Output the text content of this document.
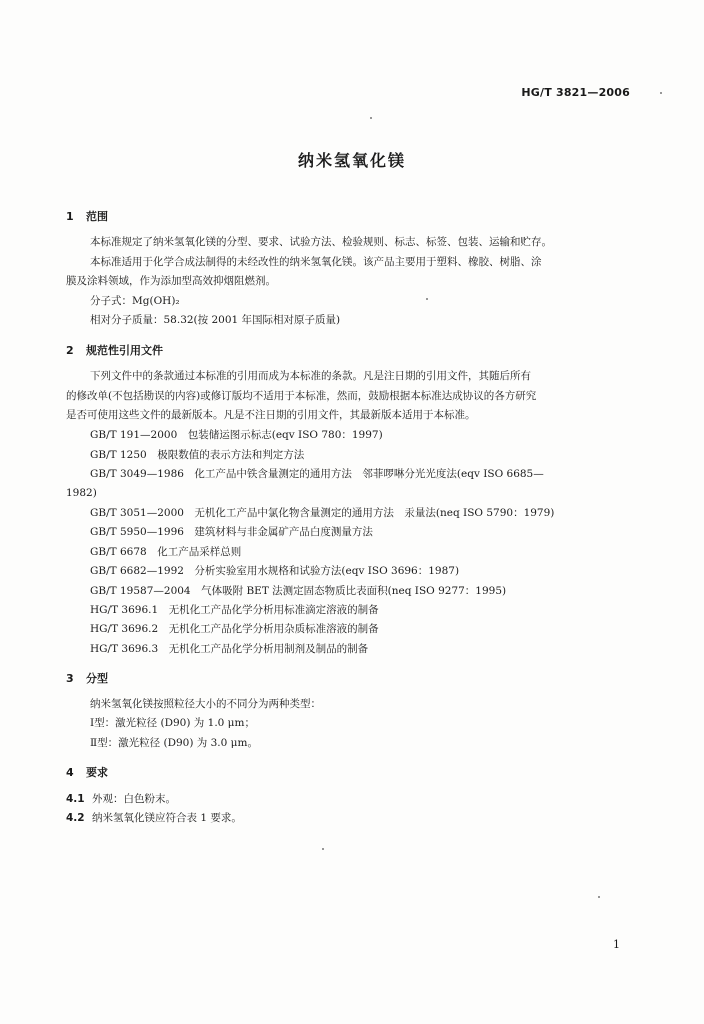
HG/T 3821—2006
纳米氢氧化镁
1 范围
本标准规定了纳米氢氧化镁的分型、要求、试验方法、检验规则、标志、标签、包装、运输和贮存。
本标准适用于化学合成法制得的未经改性的纳米氢氧化镁。该产品主要用于塑料、橡胶、树脂、涂
膜及涂料领域，作为添加型高效抑烟阻燃剂。
分子式：Mg(OH)₂
相对分子质量：58.32(按 2001 年国际相对原子质量)
2 规范性引用文件
下列文件中的条款通过本标准的引用而成为本标准的条款。凡是注日期的引用文件，其随后所有
的修改单(不包括勘误的内容)或修订版均不适用于本标准，然而，鼓励根据本标准达成协议的各方研究
是否可使用这些文件的最新版本。凡是不注日期的引用文件，其最新版本适用于本标准。
GB/T 191—2000　包装储运图示标志(eqv ISO 780：1997)
GB/T 1250　极限数值的表示方法和判定方法
GB/T 3049—1986　化工产品中铁含量测定的通用方法　邻菲啰啉分光光度法(eqv ISO 6685—
1982)
GB/T 3051—2000　无机化工产品中氯化物含量测定的通用方法　汞量法(neq ISO 5790：1979)
GB/T 5950—1996　建筑材料与非金属矿产品白度测量方法
GB/T 6678　化工产品采样总则
GB/T 6682—1992　分析实验室用水规格和试验方法(eqv ISO 3696：1987)
GB/T 19587—2004　气体吸附 BET 法测定固态物质比表面积(neq ISO 9277：1995)
HG/T 3696.1　无机化工产品化学分析用标准滴定溶液的制备
HG/T 3696.2　无机化工产品化学分析用杂质标准溶液的制备
HG/T 3696.3　无机化工产品化学分析用制剂及制品的制备
3 分型
纳米氢氧化镁按照粒径大小的不同分为两种类型：
Ⅰ型：激光粒径 (D90) 为 1.0 μm；
Ⅱ型：激光粒径 (D90) 为 3.0 μm。
4 要求
4.1 外观：白色粉末。
4.2 纳米氢氧化镁应符合表 1 要求。
1
